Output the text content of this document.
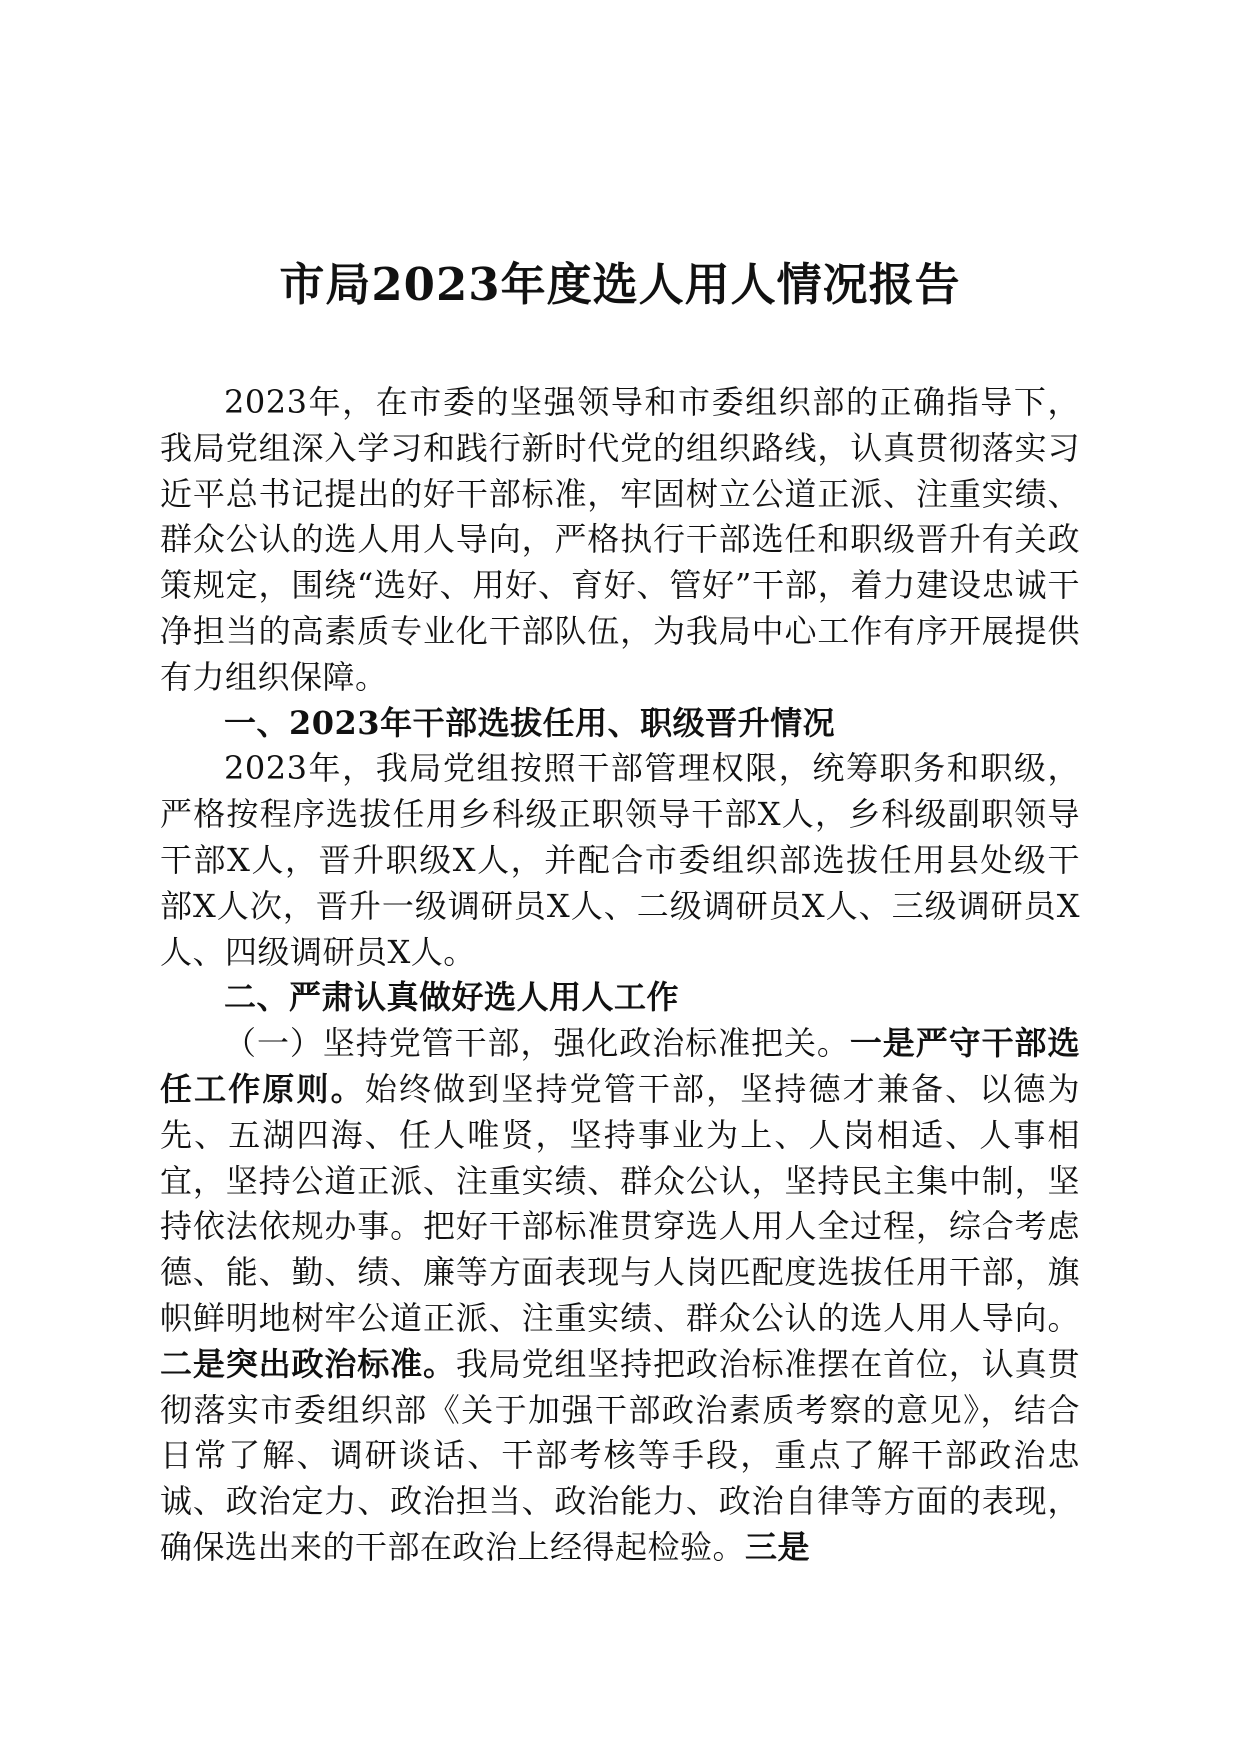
市局2023年度选人用人情况报告

2023年，在市委的坚强领导和市委组织部的正确指导下，我局党组深入学习和践行新时代党的组织路线，认真贯彻落实习近平总书记提出的好干部标准，牢固树立公道正派、注重实绩、群众公认的选人用人导向，严格执行干部选任和职级晋升有关政策规定，围绕“选好、用好、育好、管好”干部，着力建设忠诚干净担当的高素质专业化干部队伍，为我局中心工作有序开展提供有力组织保障。

一、2023年干部选拔任用、职级晋升情况

2023年，我局党组按照干部管理权限，统筹职务和职级，严格按程序选拔任用乡科级正职领导干部X人，乡科级副职领导干部X人，晋升职级X人，并配合市委组织部选拔任用县处级干部X人次，晋升一级调研员X人、二级调研员X人、三级调研员X人、四级调研员X人。

二、严肃认真做好选人用人工作

（一）坚持党管干部，强化政治标准把关。一是严守干部选任工作原则。始终做到坚持党管干部，坚持德才兼备、以德为先、五湖四海、任人唯贤，坚持事业为上、人岗相适、人事相宜，坚持公道正派、注重实绩、群众公认，坚持民主集中制，坚持依法依规办事。把好干部标准贯穿选人用人全过程，综合考虑德、能、勤、绩、廉等方面表现与人岗匹配度选拔任用干部，旗帜鲜明地树牢公道正派、注重实绩、群众公认的选人用人导向。二是突出政治标准。我局党组坚持把政治标准摆在首位，认真贯彻落实市委组织部《关于加强干部政治素质考察的意见》，结合日常了解、调研谈话、干部考核等手段，重点了解干部政治忠诚、政治定力、政治担当、政治能力、政治自律等方面的表现，确保选出来的干部在政治上经得起检验。三是
